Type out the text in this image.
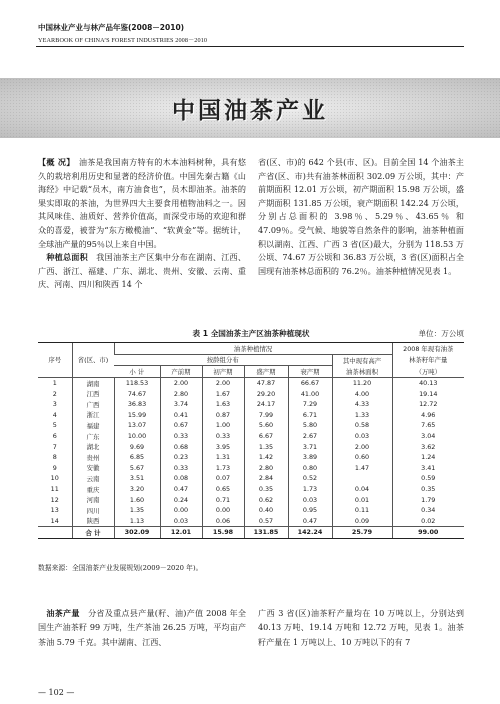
中国林业产业与林产品年鉴(2008－2010)
YEARBOOK OF CHINA’S FOREST INDUSTRIES 2008－2010
中国油茶产业

【概 况】　 油茶是我国南方特有的木本油料树种，具有悠久的栽培利用历史和显著的经济价值。中国先秦古籍《山海经》中记载“员木，南方油食也”，员木即油茶。油茶的果实即取的茶油，为世界四大主要食用植物油料之一。因其风味佳、油质好、营养价值高，而深受市场的欢迎和群众的喜爱，被誉为“东方橄榄油”、“软黄金”等。据统计，全球油产量的95％以上来自中国。

　种植总面积　 我国油茶主产区集中分布在湖南、江西、广西、浙江、福建、广东、湖北、贵州、安徽、云南、重庆、河南、四川和陕西 14 个

省(区、市)的 642 个县(市、区)。目前全国 14 个油茶主产省(区、市)共有油茶林面积 302.09 万公顷，其中：产前期面积 12.01 万公顷，初产期面积 15.98 万公顷，盛产期面积 131.85 万公顷，衰产期面积 142.24 万公顷，分别占总面积的 3.98％、5.29％、43.65％ 和 47.09％。受气候、地貌等自然条件的影响，油茶种植面积以湖南、江西、广西 3 省(区)最大，分别为 118.53 万公顷、74.67 万公顷和 36.83 万公顷，3 省(区)面积占全国现有油茶林总面积的 76.2％。油茶种植情况见表 1。

表 1 全国油茶主产区油茶种植现状	单位：万公顷
序号	省(区、市)	油茶种植情况						2008 年现有油茶
		按龄组分布					其中现有高产	林茶籽年产量
		小 计	产前期	初产期	盛产期	衰产期	油茶林面积	（万吨）

1	湖南	118.53	2.00	2.00	47.87	66.67	11.20	40.13
2	江西	74.67	2.80	1.67	29.20	41.00	4.00	19.14
3	广西	36.83	3.74	1.63	24.17	7.29	4.33	12.72
4	浙江	15.99	0.41	0.87	7.99	6.71	1.33	4.96
5	福建	13.07	0.67	1.00	5.60	5.80	0.58	7.65
6	广东	10.00	0.33	0.33	6.67	2.67	0.03	3.04
7	湖北	9.69	0.68	3.95	1.35	3.71	2.00	3.62
8	贵州	6.85	0.23	1.31	1.42	3.89	0.60	1.24
9	安徽	5.67	0.33	1.73	2.80	0.80	1.47	3.41
10	云南	3.51	0.08	0.07	2.84	0.52		0.59
11	重庆	3.20	0.47	0.65	0.35	1.73	0.04	0.35
12	河南	1.60	0.24	0.71	0.62	0.03	0.01	1.79
13	四川	1.35	0.00	0.00	0.40	0.95	0.11	0.34
14	陕西	1.13	0.03	0.06	0.57	0.47	0.09	0.02
	合 计	302.09	12.01	15.98	131.85	142.24	25.79	99.00
数据来源：全国油茶产业发展规划(2009－2020 年)。
　油茶产量　 分省及重点县产量(籽、油)产值 2008 年全国生产油茶籽 99 万吨，生产茶油 26.25 万吨，平均亩产茶油 5.79 千克。其中湖南、江西、
广西 3 省(区)油茶籽产量均在 10 万吨以上，分别达到 40.13 万吨、19.14 万吨和 12.72 万吨，见表 1。油茶籽产量在 1 万吨以上、10 万吨以下的有 7
— 102 —
